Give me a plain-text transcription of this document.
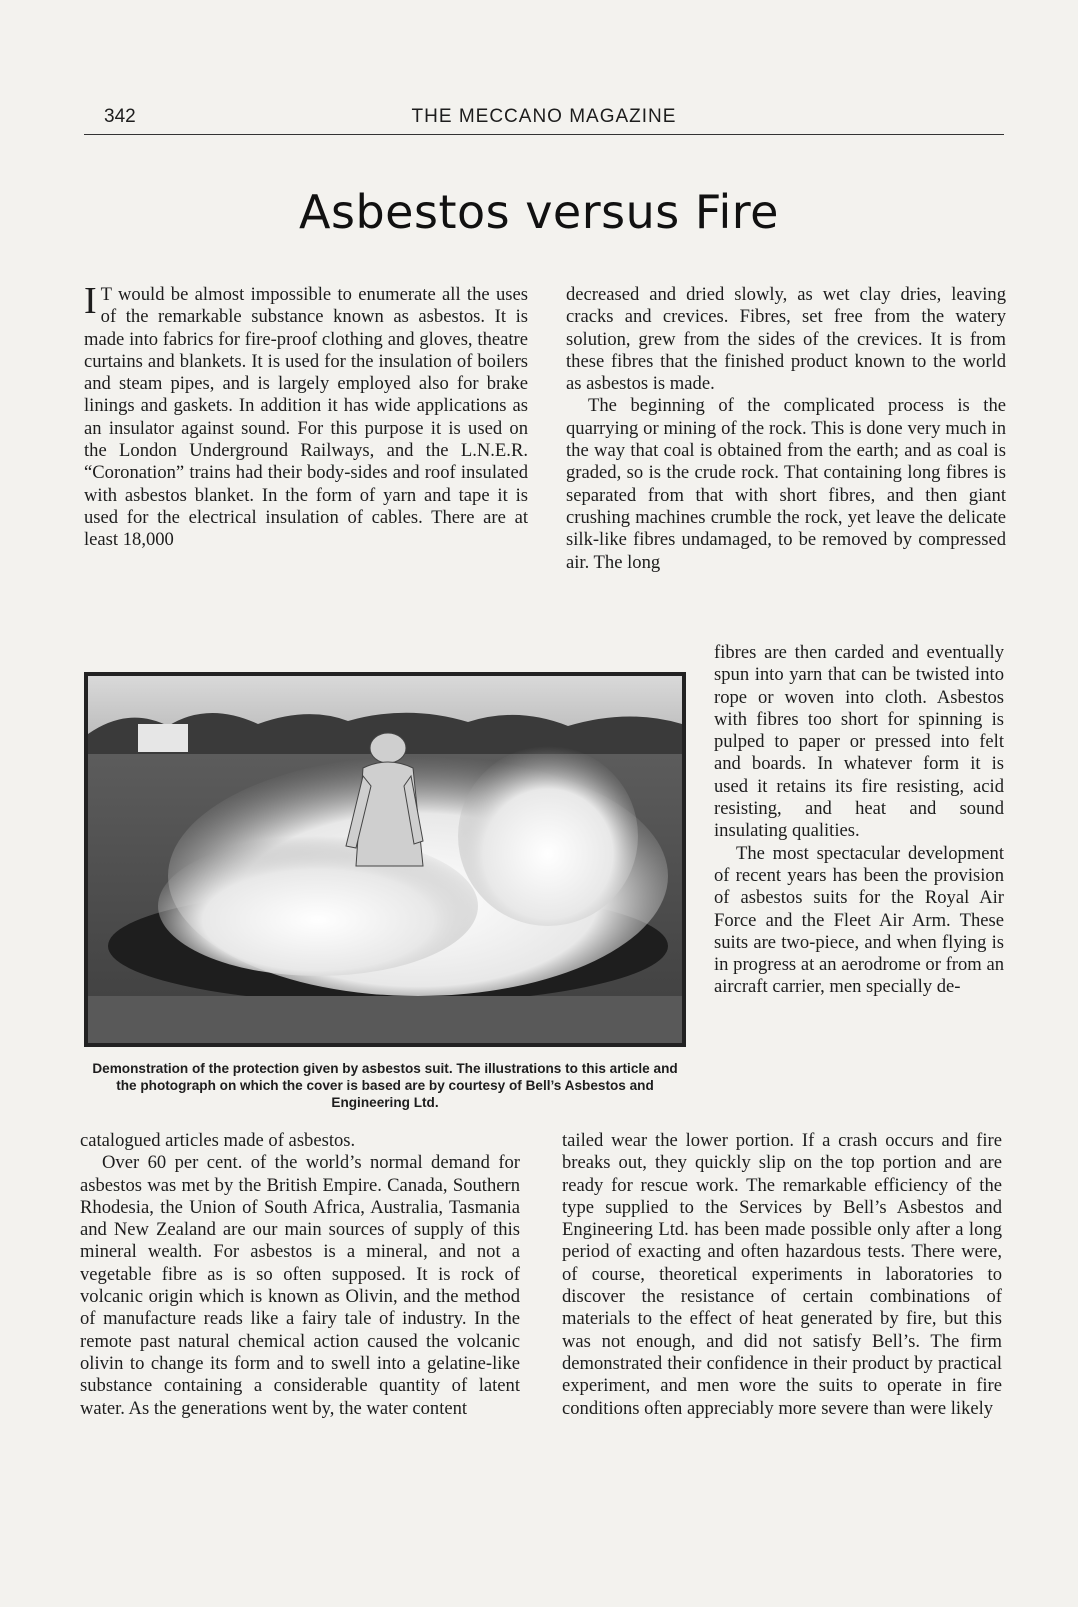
342	THE MECCANO MAGAZINE
Asbestos versus Fire

I T would be almost impossible to enumerate all the uses of the remarkable substance known as asbestos. It is made into fabrics for fire-proof clothing and gloves, theatre curtains and blankets. It is used for the insulation of boilers and steam pipes, and is largely employed also for brake linings and gaskets. In addition it has wide applications as an insulator against sound. For this purpose it is used on the London Underground Railways, and the L.N.E.R. “Coronation” trains had their body-sides and roof insulated with asbestos blanket. In the form of yarn and tape it is used for the electrical insulation of cables. There are at least 18,000

decreased and dried slowly, as wet clay dries, leaving cracks and crevices. Fibres, set free from the watery solution, grew from the sides of the crevices. It is from these fibres that the finished product known to the world as asbestos is made.

The beginning of the complicated process is the quarrying or mining of the rock. This is done very much in the way that coal is obtained from the earth; and as coal is graded, so is the crude rock. That containing long fibres is separated from that with short fibres, and then giant crushing machines crumble the rock, yet leave the delicate silk-like fibres undamaged, to be removed by compressed air. The long

Demonstration of the protection given by asbestos suit. The illustrations to this article and the photograph on which the cover is based are by courtesy of Bell’s Asbestos and Engineering Ltd.

fibres are then carded and eventually spun into yarn that can be twisted into rope or woven into cloth. Asbestos with fibres too short for spinning is pulped to paper or pressed into felt and boards. In whatever form it is used it retains its fire resisting, acid resisting, and heat and sound insulating qualities.

The most spectacular development of recent years has been the provision of asbestos suits for the Royal Air Force and the Fleet Air Arm. These suits are two-piece, and when flying is in progress at an aerodrome or from an aircraft carrier, men specially de-

catalogued articles made of asbestos.

Over 60 per cent. of the world’s normal demand for asbestos was met by the British Empire. Canada, Southern Rhodesia, the Union of South Africa, Australia, Tasmania and New Zealand are our main sources of supply of this mineral wealth. For asbestos is a mineral, and not a vegetable fibre as is so often supposed. It is rock of volcanic origin which is known as Olivin, and the method of manufacture reads like a fairy tale of industry. In the remote past natural chemical action caused the volcanic olivin to change its form and to swell into a gelatine-like substance containing a considerable quantity of latent water. As the generations went by, the water content

tailed wear the lower portion. If a crash occurs and fire breaks out, they quickly slip on the top portion and are ready for rescue work. The remarkable efficiency of the type supplied to the Services by Bell’s Asbestos and Engineering Ltd. has been made possible only after a long period of exacting and often hazardous tests. There were, of course, theoretical experiments in laboratories to discover the resistance of certain combinations of materials to the effect of heat generated by fire, but this was not enough, and did not satisfy Bell’s. The firm demonstrated their confidence in their product by practical experiment, and men wore the suits to operate in fire conditions often appreciably more severe than were likely
